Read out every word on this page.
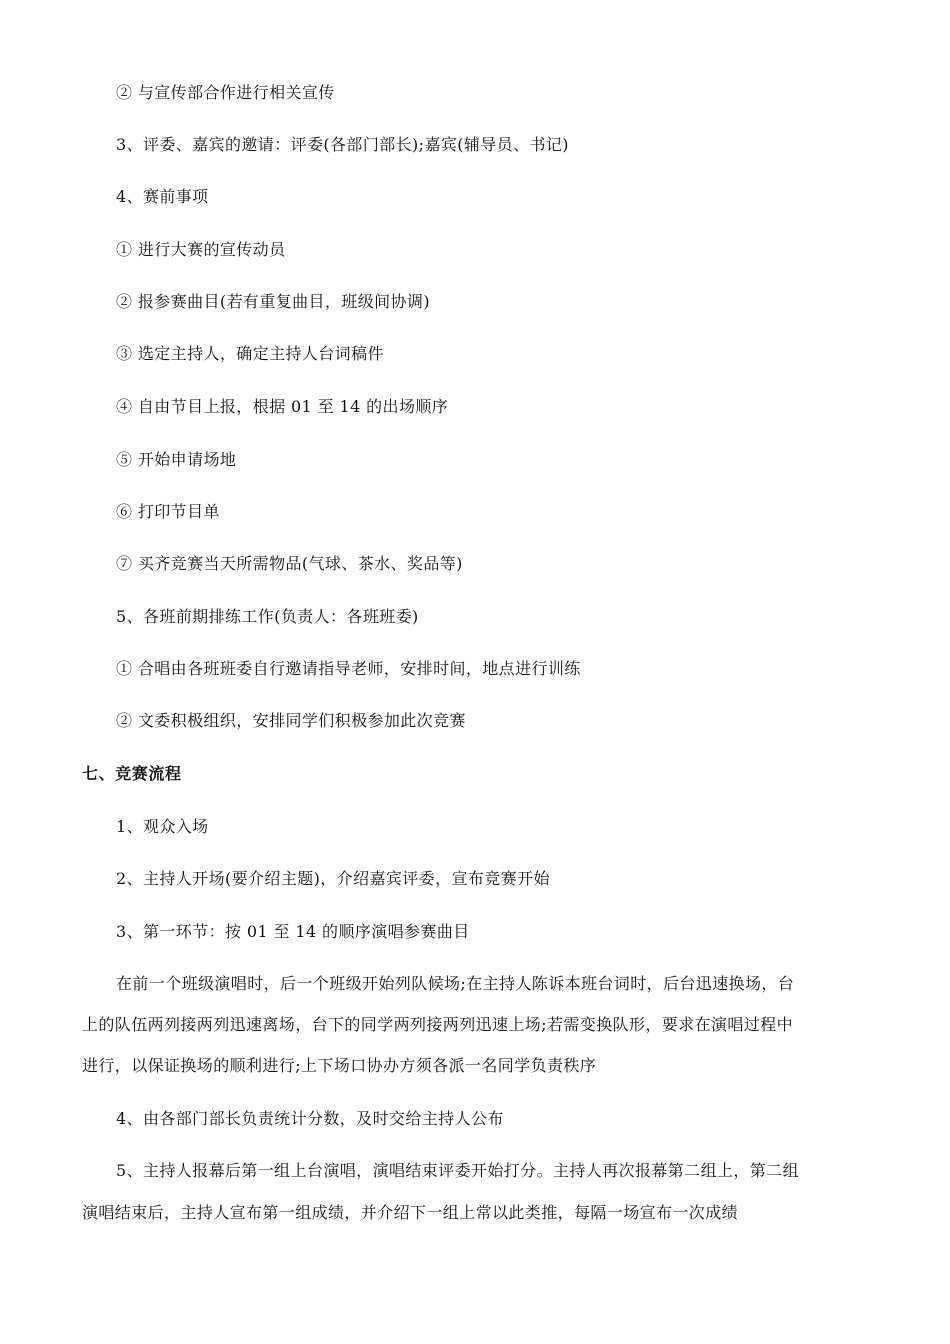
② 与宣传部合作进行相关宣传
3、评委、嘉宾的邀请：评委(各部门部长);嘉宾(辅导员、书记)
4、赛前事项
① 进行大赛的宣传动员
② 报参赛曲目(若有重复曲目，班级间协调)
③ 选定主持人，确定主持人台词稿件
④ 自由节目上报，根据 01 至 14 的出场顺序
⑤ 开始申请场地
⑥ 打印节目单
⑦ 买齐竞赛当天所需物品(气球、茶水、奖品等)
5、各班前期排练工作(负责人：各班班委)
① 合唱由各班班委自行邀请指导老师，安排时间，地点进行训练
② 文委积极组织，安排同学们积极参加此次竞赛
七、竞赛流程
1、观众入场
2、主持人开场(要介绍主题)，介绍嘉宾评委，宣布竞赛开始
3、第一环节：按 01 至 14 的顺序演唱参赛曲目
在前一个班级演唱时，后一个班级开始列队候场;在主持人陈诉本班台词时，后台迅速换场，台
上的队伍两列接两列迅速离场，台下的同学两列接两列迅速上场;若需变换队形，要求在演唱过程中
进行，以保证换场的顺利进行;上下场口协办方须各派一名同学负责秩序
4、由各部门部长负责统计分数，及时交给主持人公布
5、主持人报幕后第一组上台演唱，演唱结束评委开始打分。主持人再次报幕第二组上，第二组
演唱结束后，主持人宣布第一组成绩，并介绍下一组上常以此类推，每隔一场宣布一次成绩
